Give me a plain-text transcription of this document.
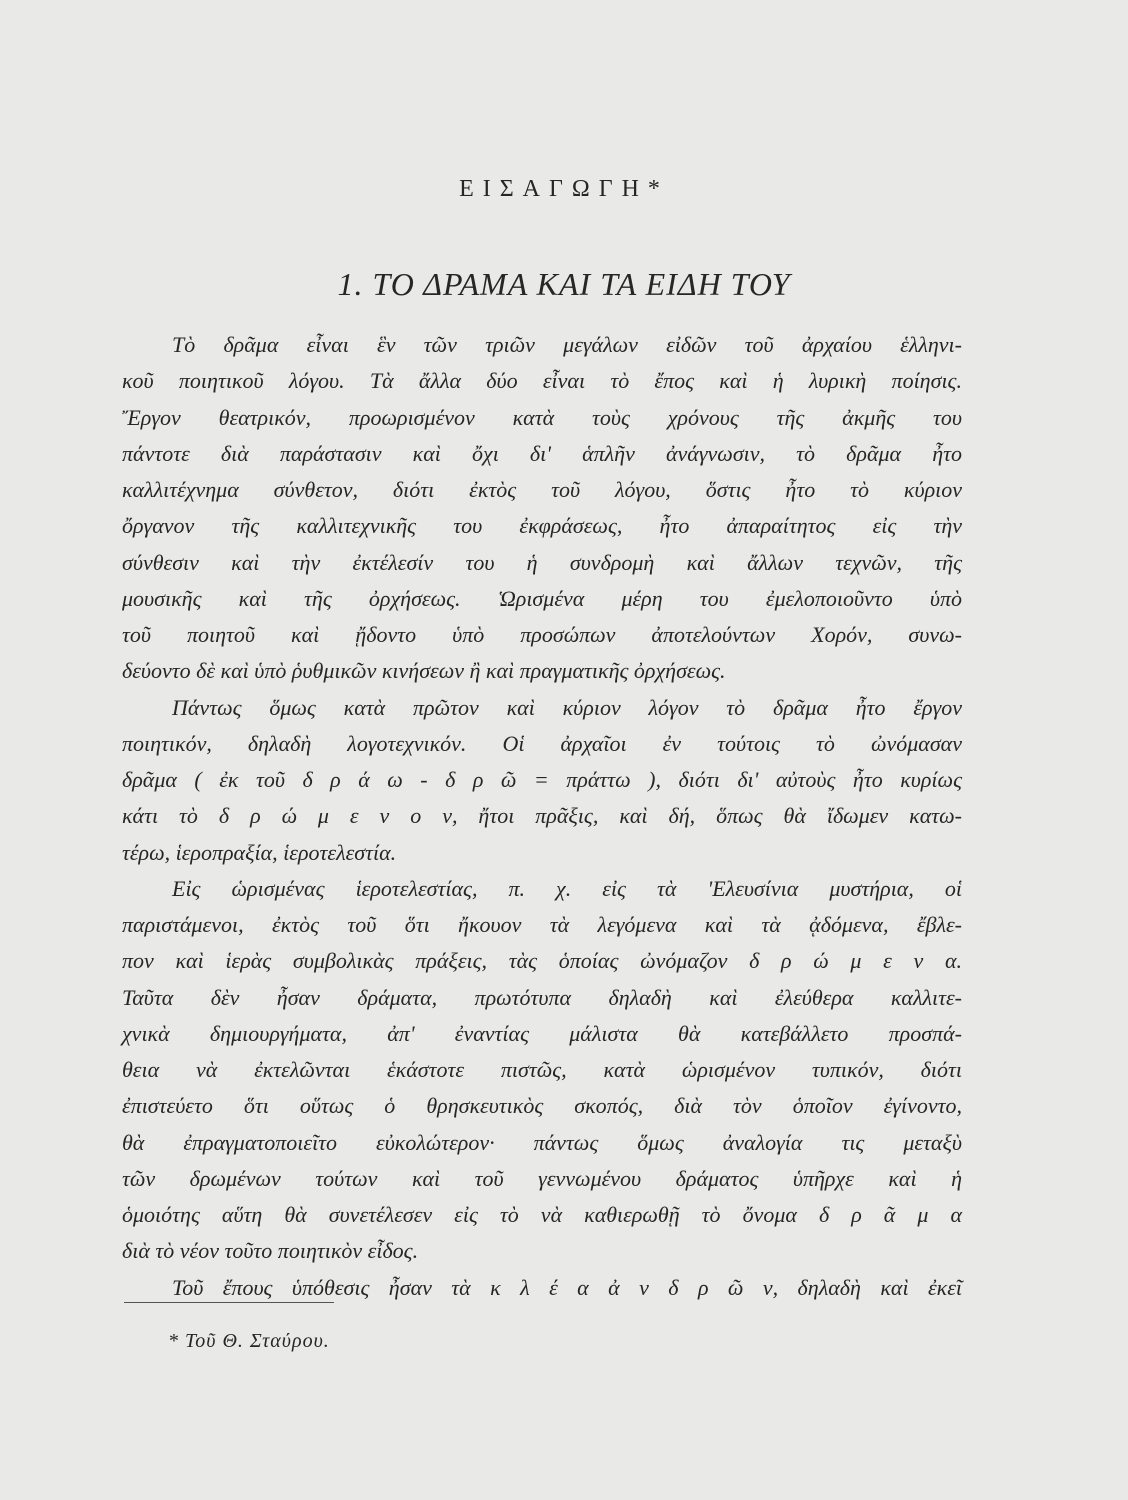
ΕΙΣΑΓΩΓΗ*
1. ΤΟ ΔΡΑΜΑ ΚΑΙ ΤΑ ΕΙΔΗ ΤΟΥ
Τὸ δρᾶμα εἶναι ἓν τῶν τριῶν μεγάλων εἰδῶν τοῦ ἀρχαίου ἑλληνι-
κοῦ ποιητικοῦ λόγου. Τὰ ἄλλα δύο εἶναι τὸ ἔπος καὶ ἡ λυρικὴ ποίησις.
Ἔργον θεατρικόν, προωρισμένον κατὰ τοὺς χρόνους τῆς ἀκμῆς του
πάντοτε διὰ παράστασιν καὶ ὄχι δι' ἁπλῆν ἀνάγνωσιν, τὸ δρᾶμα ἦτο
καλλιτέχνημα σύνθετον, διότι ἐκτὸς τοῦ λόγου, ὅστις ἦτο τὸ κύριον
ὄργανον τῆς καλλιτεχνικῆς του ἐκφράσεως, ἦτο ἀπαραίτητος εἰς τὴν
σύνθεσιν καὶ τὴν ἐκτέλεσίν του ἡ συνδρομὴ καὶ ἄλλων τεχνῶν, τῆς
μουσικῆς καὶ τῆς ὀρχήσεως. Ὡρισμένα μέρη του ἐμελοποιοῦντο ὑπὸ
τοῦ ποιητοῦ καὶ ᾔδοντο ὑπὸ προσώπων ἀποτελούντων Χορόν, συνω-
δεύοντο δὲ καὶ ὑπὸ ῥυθμικῶν κινήσεων ἢ καὶ πραγματικῆς ὀρχήσεως.
Πάντως ὅμως κατὰ πρῶτον καὶ κύριον λόγον τὸ δρᾶμα ἦτο ἔργον
ποιητικόν, δηλαδὴ λογοτεχνικόν. Οἱ ἀρχαῖοι ἐν τούτοις τὸ ὠνόμασαν
δρᾶμα ( ἐκ τοῦ δ ρ ά ω - δ ρ ῶ = πράττω ), διότι δι' αὐτοὺς ἦτο κυρίως
κάτι τὸ δ ρ ώ μ ε ν ο ν, ἤτοι πρᾶξις, καὶ δή, ὅπως θὰ ἴδωμεν κατω-
τέρω, ἱεροπραξία, ἱεροτελεστία.
Εἰς ὡρισμένας ἱεροτελεστίας, π. χ. εἰς τὰ 'Ελευσίνια μυστήρια, οἱ
παριστάμενοι, ἐκτὸς τοῦ ὅτι ἤκουον τὰ λεγόμενα καὶ τὰ ᾀδόμενα, ἔβλε-
πον καὶ ἱερὰς συμβολικὰς πράξεις, τὰς ὁποίας ὠνόμαζον δ ρ ώ μ ε ν α.
Ταῦτα δὲν ἦσαν δράματα, πρωτότυπα δηλαδὴ καὶ ἐλεύθερα καλλιτε-
χνικὰ δημιουργήματα, ἀπ' ἐναντίας μάλιστα θὰ κατεβάλλετο προσπά-
θεια νὰ ἐκτελῶνται ἑκάστοτε πιστῶς, κατὰ ὡρισμένον τυπικόν, διότι
ἐπιστεύετο ὅτι οὕτως ὁ θρησκευτικὸς σκοπός, διὰ τὸν ὁποῖον ἐγίνοντο,
θὰ ἐπραγματοποιεῖτο εὐκολώτερον· πάντως ὅμως ἀναλογία τις μεταξὺ
τῶν δρωμένων τούτων καὶ τοῦ γεννωμένου δράματος ὑπῆρχε καὶ ἡ
ὁμοιότης αὕτη θὰ συνετέλεσεν εἰς τὸ νὰ καθιερωθῇ τὸ ὄνομα δ ρ ᾶ μ α
διὰ τὸ νέον τοῦτο ποιητικὸν εἶδος.
Τοῦ ἔπους ὑπόθεσις ἦσαν τὰ κ λ έ α ἀ ν δ ρ ῶ ν, δηλαδὴ καὶ ἐκεῖ
* Τοῦ Θ. Σταύρου.
